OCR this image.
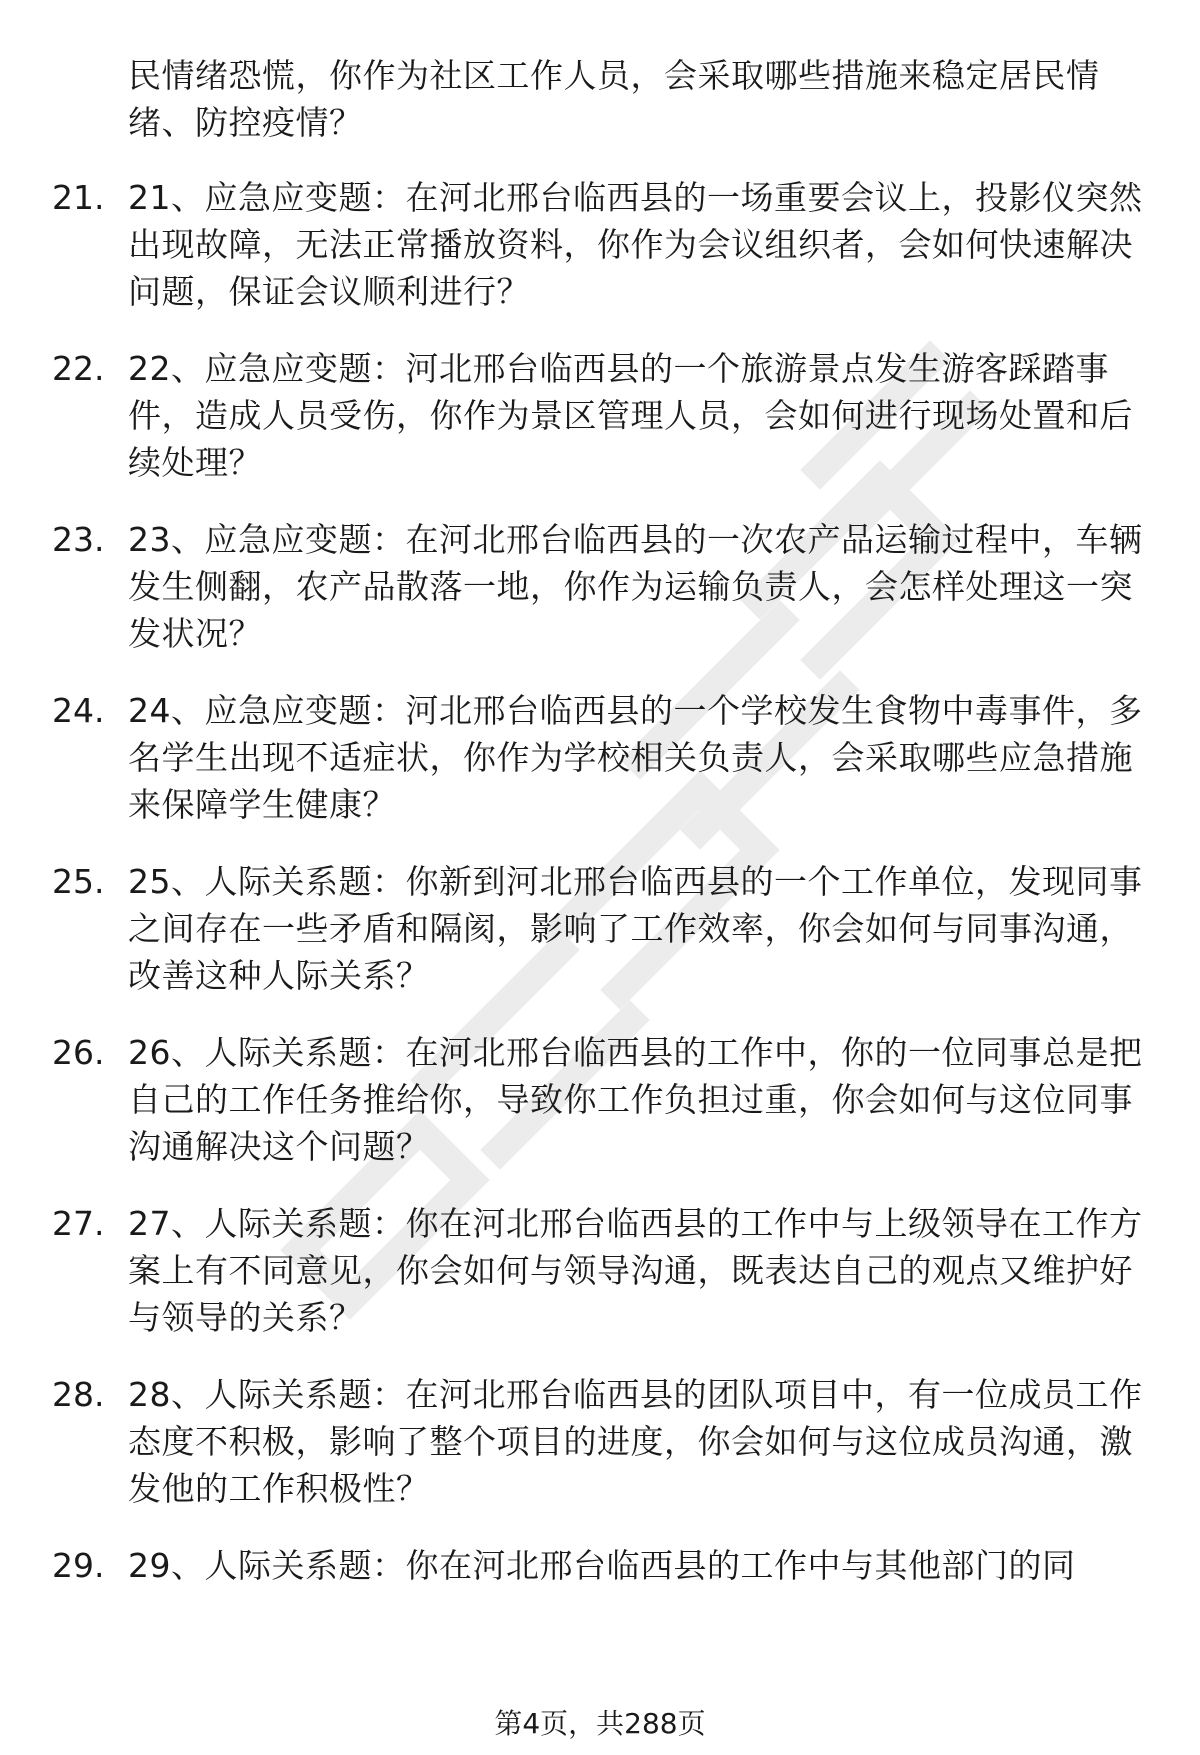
民情绪恐慌，你作为社区工作人员，会采取哪些措施来稳定居民情绪、防控疫情？
21. 21、应急应变题：在河北邢台临西县的一场重要会议上，投影仪突然出现故障，无法正常播放资料，你作为会议组织者，会如何快速解决问题，保证会议顺利进行？
22. 22、应急应变题：河北邢台临西县的一个旅游景点发生游客踩踏事件，造成人员受伤，你作为景区管理人员，会如何进行现场处置和后续处理？
23. 23、应急应变题：在河北邢台临西县的一次农产品运输过程中，车辆发生侧翻，农产品散落一地，你作为运输负责人，会怎样处理这一突发状况？
24. 24、应急应变题：河北邢台临西县的一个学校发生食物中毒事件，多名学生出现不适症状，你作为学校相关负责人，会采取哪些应急措施来保障学生健康？
25. 25、人际关系题：你新到河北邢台临西县的一个工作单位，发现同事之间存在一些矛盾和隔阂，影响了工作效率，你会如何与同事沟通，改善这种人际关系？
26. 26、人际关系题：在河北邢台临西县的工作中，你的一位同事总是把自己的工作任务推给你，导致你工作负担过重，你会如何与这位同事沟通解决这个问题？
27. 27、人际关系题：你在河北邢台临西县的工作中与上级领导在工作方案上有不同意见，你会如何与领导沟通，既表达自己的观点又维护好与领导的关系？
28. 28、人际关系题：在河北邢台临西县的团队项目中，有一位成员工作态度不积极，影响了整个项目的进度，你会如何与这位成员沟通，激发他的工作积极性？
29. 29、人际关系题：你在河北邢台临西县的工作中与其他部门的同
第4页，共288页
